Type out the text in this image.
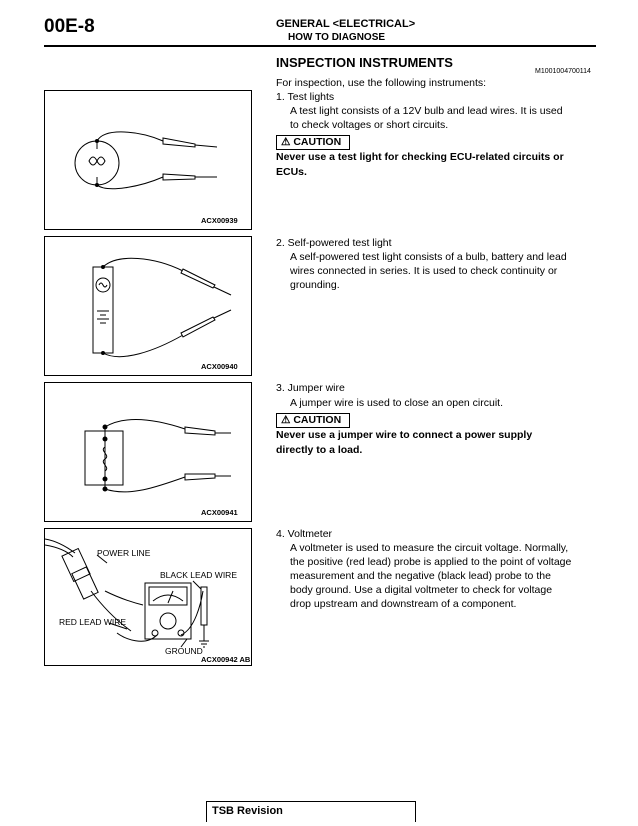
00E-8	GENERAL <ELECTRICAL>
HOW TO DIAGNOSE
INSPECTION INSTRUMENTS
M1001004700114
For inspection, use the following instruments:
1. Test lights
A test light consists of a 12V bulb and lead wires. It is used
to check voltages or short circuits.
⚠ CAUTION
Never use a test light for checking ECU-related circuits or
ECUs.
2. Self-powered test light
A self-powered test light consists of a bulb, battery and lead
wires connected in series. It is used to check continuity or
grounding.
3. Jumper wire
A jumper wire is used to close an open circuit.
⚠ CAUTION
Never use a jumper wire to connect a power supply
directly to a load.
4. Voltmeter
A voltmeter is used to measure the circuit voltage. Normally,
the positive (red lead) probe is applied to the point of voltage
measurement and the negative (black lead) probe to the
body ground. Use a digital voltmeter to check for voltage
drop upstream and downstream of a component.
ACX00939
ACX00940
ACX00941
POWER LINE
BLACK LEAD WIRE
RED LEAD WIRE
GROUND
ACX00942 AB
TSB Revision
